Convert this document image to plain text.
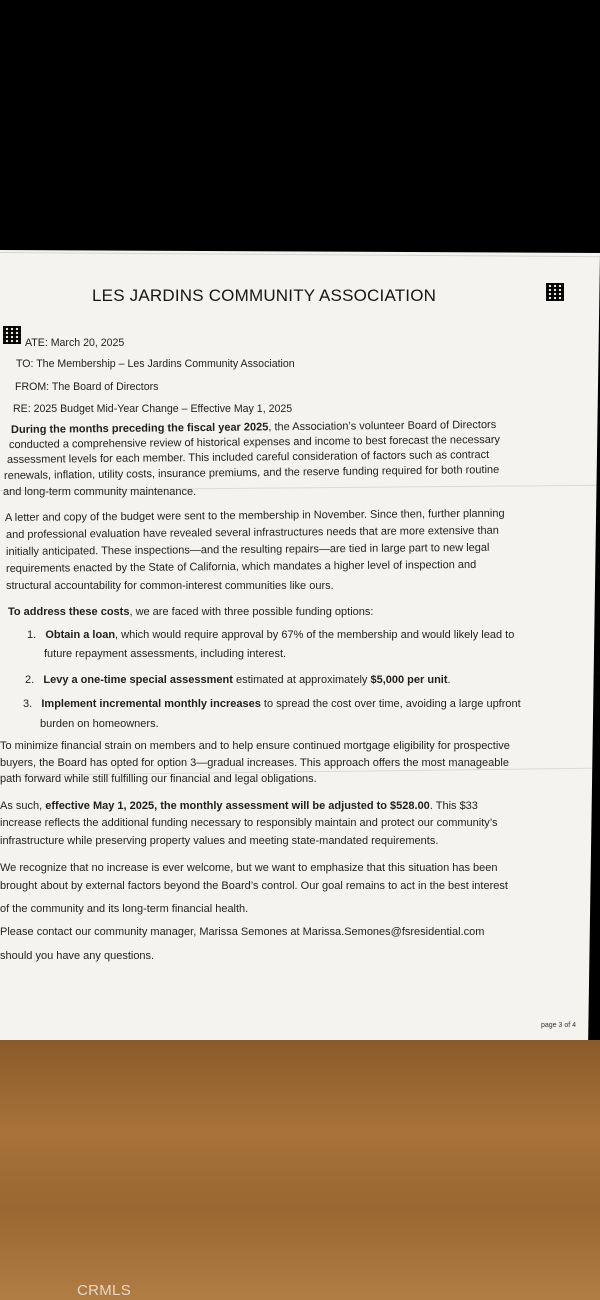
LES JARDINS COMMUNITY ASSOCIATION
ATE: March 20, 2025
TO: The Membership – Les Jardins Community Association
FROM: The Board of Directors
RE: 2025 Budget Mid-Year Change – Effective May 1, 2025
During the months preceding the fiscal year 2025, the Association’s volunteer Board of Directors
conducted a comprehensive review of historical expenses and income to best forecast the necessary
assessment levels for each member. This included careful consideration of factors such as contract
renewals, inflation, utility costs, insurance premiums, and the reserve funding required for both routine
and long-term community maintenance.
A letter and copy of the budget were sent to the membership in November. Since then, further planning
and professional evaluation have revealed several infrastructures needs that are more extensive than
initially anticipated. These inspections—and the resulting repairs—are tied in large part to new legal
requirements enacted by the State of California, which mandates a higher level of inspection and
structural accountability for common-interest communities like ours.
To address these costs, we are faced with three possible funding options:
1. Obtain a loan, which would require approval by 67% of the membership and would likely lead to
future repayment assessments, including interest.
2. Levy a one-time special assessment estimated at approximately $5,000 per unit.
3. Implement incremental monthly increases to spread the cost over time, avoiding a large upfront
burden on homeowners.
To minimize financial strain on members and to help ensure continued mortgage eligibility for prospective
buyers, the Board has opted for option 3—gradual increases. This approach offers the most manageable
path forward while still fulfilling our financial and legal obligations.
As such, effective May 1, 2025, the monthly assessment will be adjusted to $528.00. This $33
increase reflects the additional funding necessary to responsibly maintain and protect our community’s
infrastructure while preserving property values and meeting state-mandated requirements.
We recognize that no increase is ever welcome, but we want to emphasize that this situation has been
brought about by external factors beyond the Board’s control. Our goal remains to act in the best interest
of the community and its long-term financial health.
Please contact our community manager, Marissa Semones at Marissa.Semones@fsresidential.com
should you have any questions.
page 3 of 4
CRMLS
